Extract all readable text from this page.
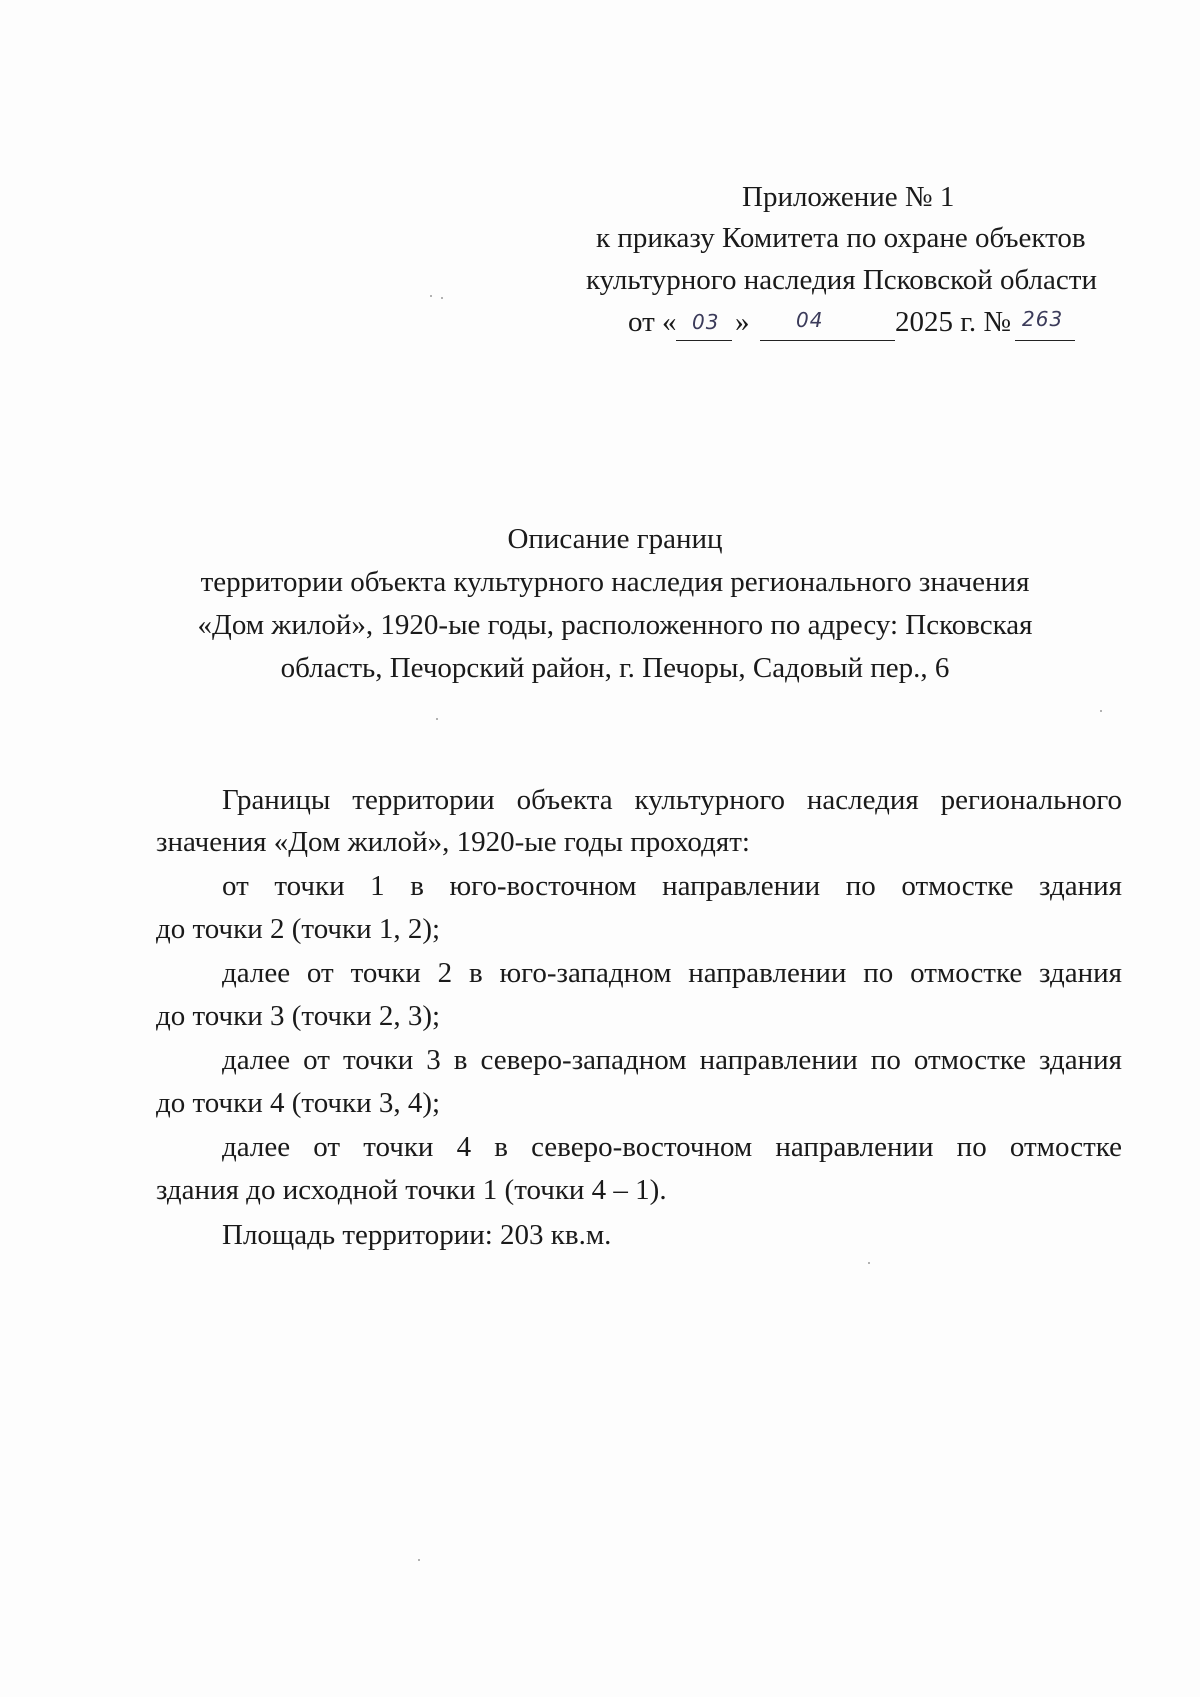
Приложение № 1
к приказу Комитета по охране объектов
культурного наследия Псковской области
от « 03 » 04 2025 г. № 263
Описание границ
территории объекта культурного наследия регионального значения
«Дом жилой», 1920-ые годы, расположенного по адресу: Псковская
область, Печорский район, г. Печоры, Садовый пер., 6
Границы территории объекта культурного наследия регионального
значения «Дом жилой», 1920-ые годы проходят:
от точки 1 в юго-восточном направлении по отмостке здания
до точки 2 (точки 1, 2);
далее от точки 2 в юго-западном направлении по отмостке здания
до точки 3 (точки 2, 3);
далее от точки 3 в северо-западном направлении по отмостке здания
до точки 4 (точки 3, 4);
далее от точки 4 в северо-восточном направлении по отмостке
здания до исходной точки 1 (точки 4 – 1).
Площадь территории: 203 кв.м.
